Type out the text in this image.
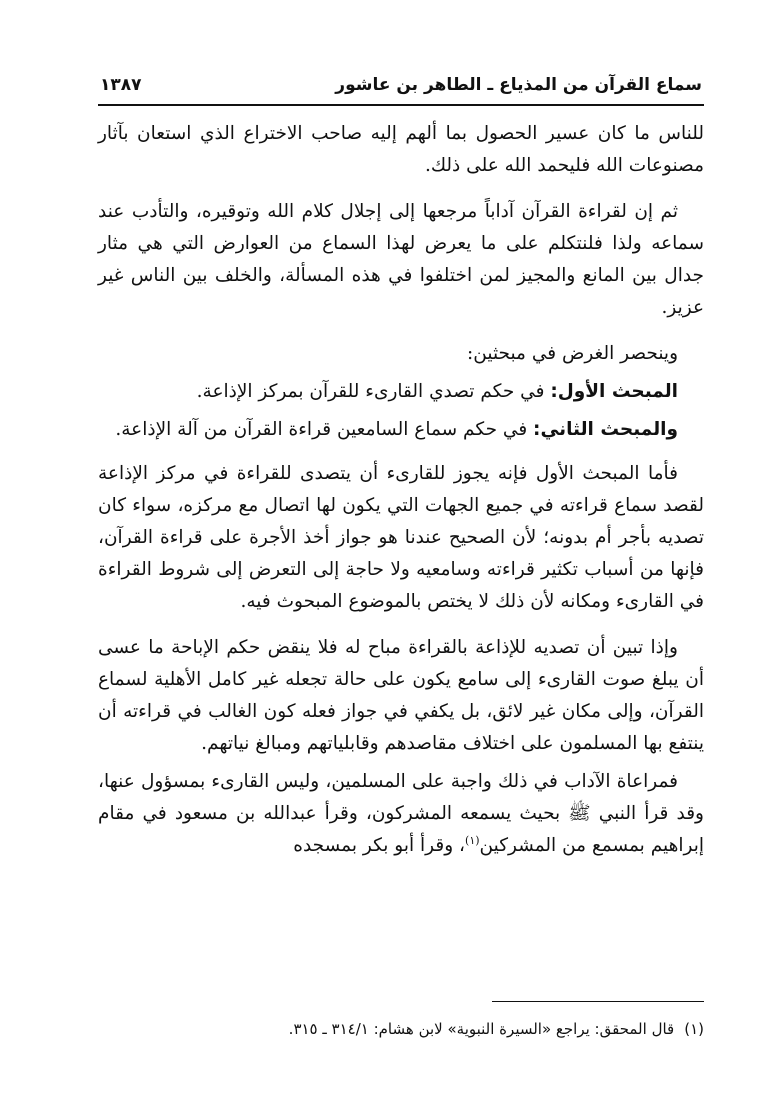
سماع القرآن من المذياع ـ الطاهر بن عاشور
١٣٨٧

للناس ما كان عسير الحصول بما ألهم إليه صاحب الاختراع الذي استعان بآثار مصنوعات الله فليحمد الله على ذلك.

ثم إن لقراءة القرآن آداباً مرجعها إلى إجلال كلام الله وتوقيره، والتأدب عند سماعه ولذا فلنتكلم على ما يعرض لهذا السماع من العوارض التي هي مثار جدال بين المانع والمجيز لمن اختلفوا في هذه المسألة، والخلف بين الناس غير عزيز.

وينحصر الغرض في مبحثين:

المبحث الأول: في حكم تصدي القارىء للقرآن بمركز الإذاعة.

والمبحث الثاني: في حكم سماع السامعين قراءة القرآن من آلة الإذاعة.

فأما المبحث الأول فإنه يجوز للقارىء أن يتصدى للقراءة في مركز الإذاعة لقصد سماع قراءته في جميع الجهات التي يكون لها اتصال مع مركزه، سواء كان تصديه بأجر أم بدونه؛ لأن الصحيح عندنا هو جواز أخذ الأجرة على قراءة القرآن، فإنها من أسباب تكثير قراءته وسامعيه ولا حاجة إلى التعرض إلى شروط القراءة في القارىء ومكانه لأن ذلك لا يختص بالموضوع المبحوث فيه.

وإذا تبين أن تصديه للإذاعة بالقراءة مباح له فلا ينقض حكم الإباحة ما عسى أن يبلغ صوت القارىء إلى سامع يكون على حالة تجعله غير كامل الأهلية لسماع القرآن، وإلى مكان غير لائق، بل يكفي في جواز فعله كون الغالب في قراءته أن ينتفع بها المسلمون على اختلاف مقاصدهم وقابلياتهم ومبالغ نياتهم.

فمراعاة الآداب في ذلك واجبة على المسلمين، وليس القارىء بمسؤول عنها، وقد قرأ النبي ﷺ بحيث يسمعه المشركون، وقرأ عبدالله بن مسعود في مقام إبراهيم بمسمع من المشركين$^{(١)}$، وقرأ أبو بكر بمسجده

(١)قال المحقق: يراجع «السيرة النبوية» لابن هشام: ٣١٤/١ ـ ٣١٥.
